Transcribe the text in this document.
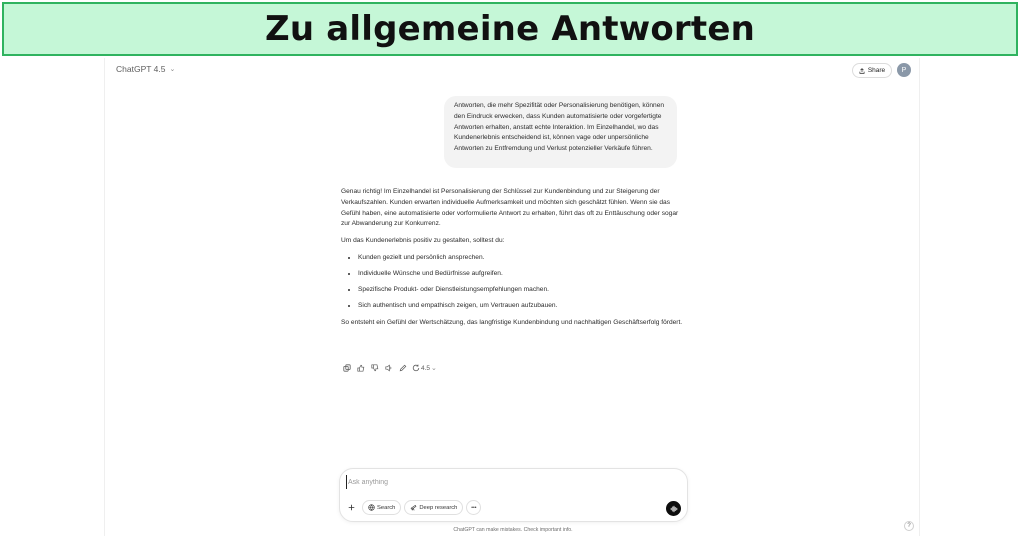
Zu allgemeine Antworten
ChatGPT 4.5 ⌄	Share	P
Antworten, die mehr Spezifität oder Personalisierung benötigen, können den Eindruck erwecken, dass Kunden automatisierte oder vorgefertigte Antworten erhalten, anstatt echte Interaktion. Im Einzelhandel, wo das Kundenerlebnis entscheidend ist, können vage oder unpersönliche Antworten zu Entfremdung und Verlust potenzieller Verkäufe führen.

Genau richtig! Im Einzelhandel ist Personalisierung der Schlüssel zur Kundenbindung und zur Steigerung der Verkaufszahlen. Kunden erwarten individuelle Aufmerksamkeit und möchten sich geschätzt fühlen. Wenn sie das Gefühl haben, eine automatisierte oder vorformulierte Antwort zu erhalten, führt das oft zu Enttäuschung oder sogar zur Abwanderung zur Konkurrenz.

Um das Kundenerlebnis positiv zu gestalten, solltest du:

• Kunden gezielt und persönlich ansprechen.
• Individuelle Wünsche und Bedürfnisse aufgreifen.
• Spezifische Produkt- oder Dienstleistungsempfehlungen machen.
• Sich authentisch und empathisch zeigen, um Vertrauen aufzubauen.

So entsteht ein Gefühl der Wertschätzung, das langfristige Kundenbindung und nachhaltigen Geschäftserfolg fördert.

4.5 ⌄
Ask anything
Search	Deep research	•••
ChatGPT can make mistakes. Check important info.
?
